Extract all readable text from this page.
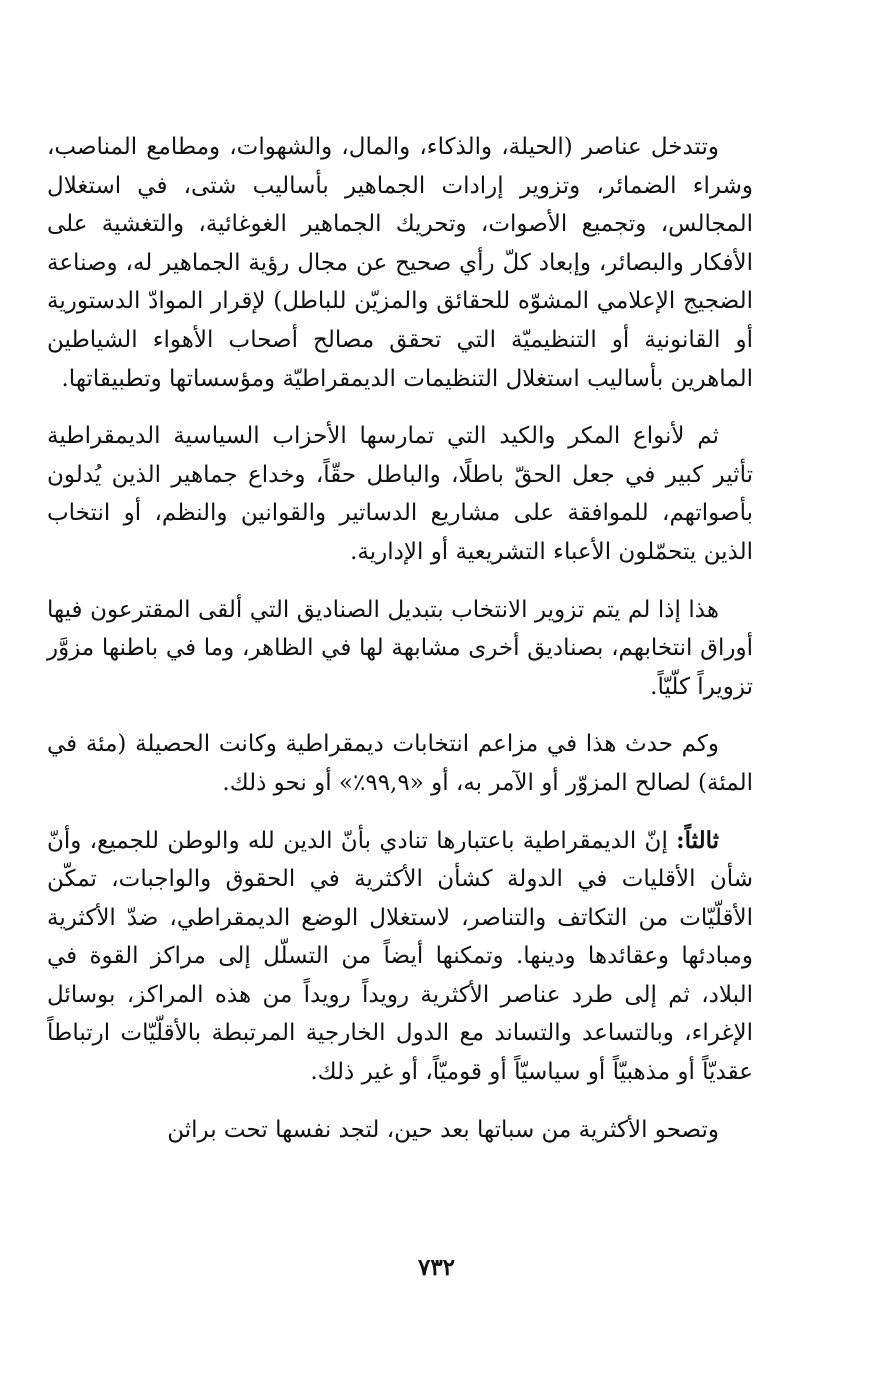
وتتدخل عناصر (الحيلة، والذكاء، والمال، والشهوات، ومطامع المناصب، وشراء الضمائر، وتزوير إرادات الجماهير بأساليب شتى، في استغلال المجالس، وتجميع الأصوات، وتحريك الجماهير الغوغائية، والتغشية على الأفكار والبصائر، وإبعاد كلّ رأي صحيح عن مجال رؤية الجماهير له، وصناعة الضجيج الإعلامي المشوّه للحقائق والمزيّن للباطل) لإقرار الموادّ الدستورية أو القانونية أو التنظيميّة التي تحقق مصالح أصحاب الأهواء الشياطين الماهرين بأساليب استغلال التنظيمات الديمقراطيّة ومؤسساتها وتطبيقاتها.

ثم لأنواع المكر والكيد التي تمارسها الأحزاب السياسية الديمقراطية تأثير كبير في جعل الحقّ باطلًا، والباطل حقّاً، وخداع جماهير الذين يُدلون بأصواتهم، للموافقة على مشاريع الدساتير والقوانين والنظم، أو انتخاب الذين يتحمّلون الأعباء التشريعية أو الإدارية.

هذا إذا لم يتم تزوير الانتخاب بتبديل الصناديق التي ألقى المقترعون فيها أوراق انتخابهم، بصناديق أخرى مشابهة لها في الظاهر، وما في باطنها مزوَّر تزويراً كلّيّاً.

وكم حدث هذا في مزاعم انتخابات ديمقراطية وكانت الحصيلة (مئة في المئة) لصالح المزوّر أو الآمر به، أو «٩٩,٩٪» أو نحو ذلك.

ثالثاً: إنّ الديمقراطية باعتبارها تنادي بأنّ الدين لله والوطن للجميع، وأنّ شأن الأقليات في الدولة كشأن الأكثرية في الحقوق والواجبات، تمكّن الأقلّيّات من التكاتف والتناصر، لاستغلال الوضع الديمقراطي، ضدّ الأكثرية ومبادئها وعقائدها ودينها. وتمكنها أيضاً من التسلّل إلى مراكز القوة في البلاد، ثم إلى طرد عناصر الأكثرية رويداً رويداً من هذه المراكز، بوسائل الإغراء، وبالتساعد والتساند مع الدول الخارجية المرتبطة بالأقلّيّات ارتباطاً عقديّاً أو مذهبيّاً أو سياسيّاً أو قوميّاً، أو غير ذلك.

وتصحو الأكثرية من سباتها بعد حين، لتجد نفسها تحت براثن

٧٣٢
